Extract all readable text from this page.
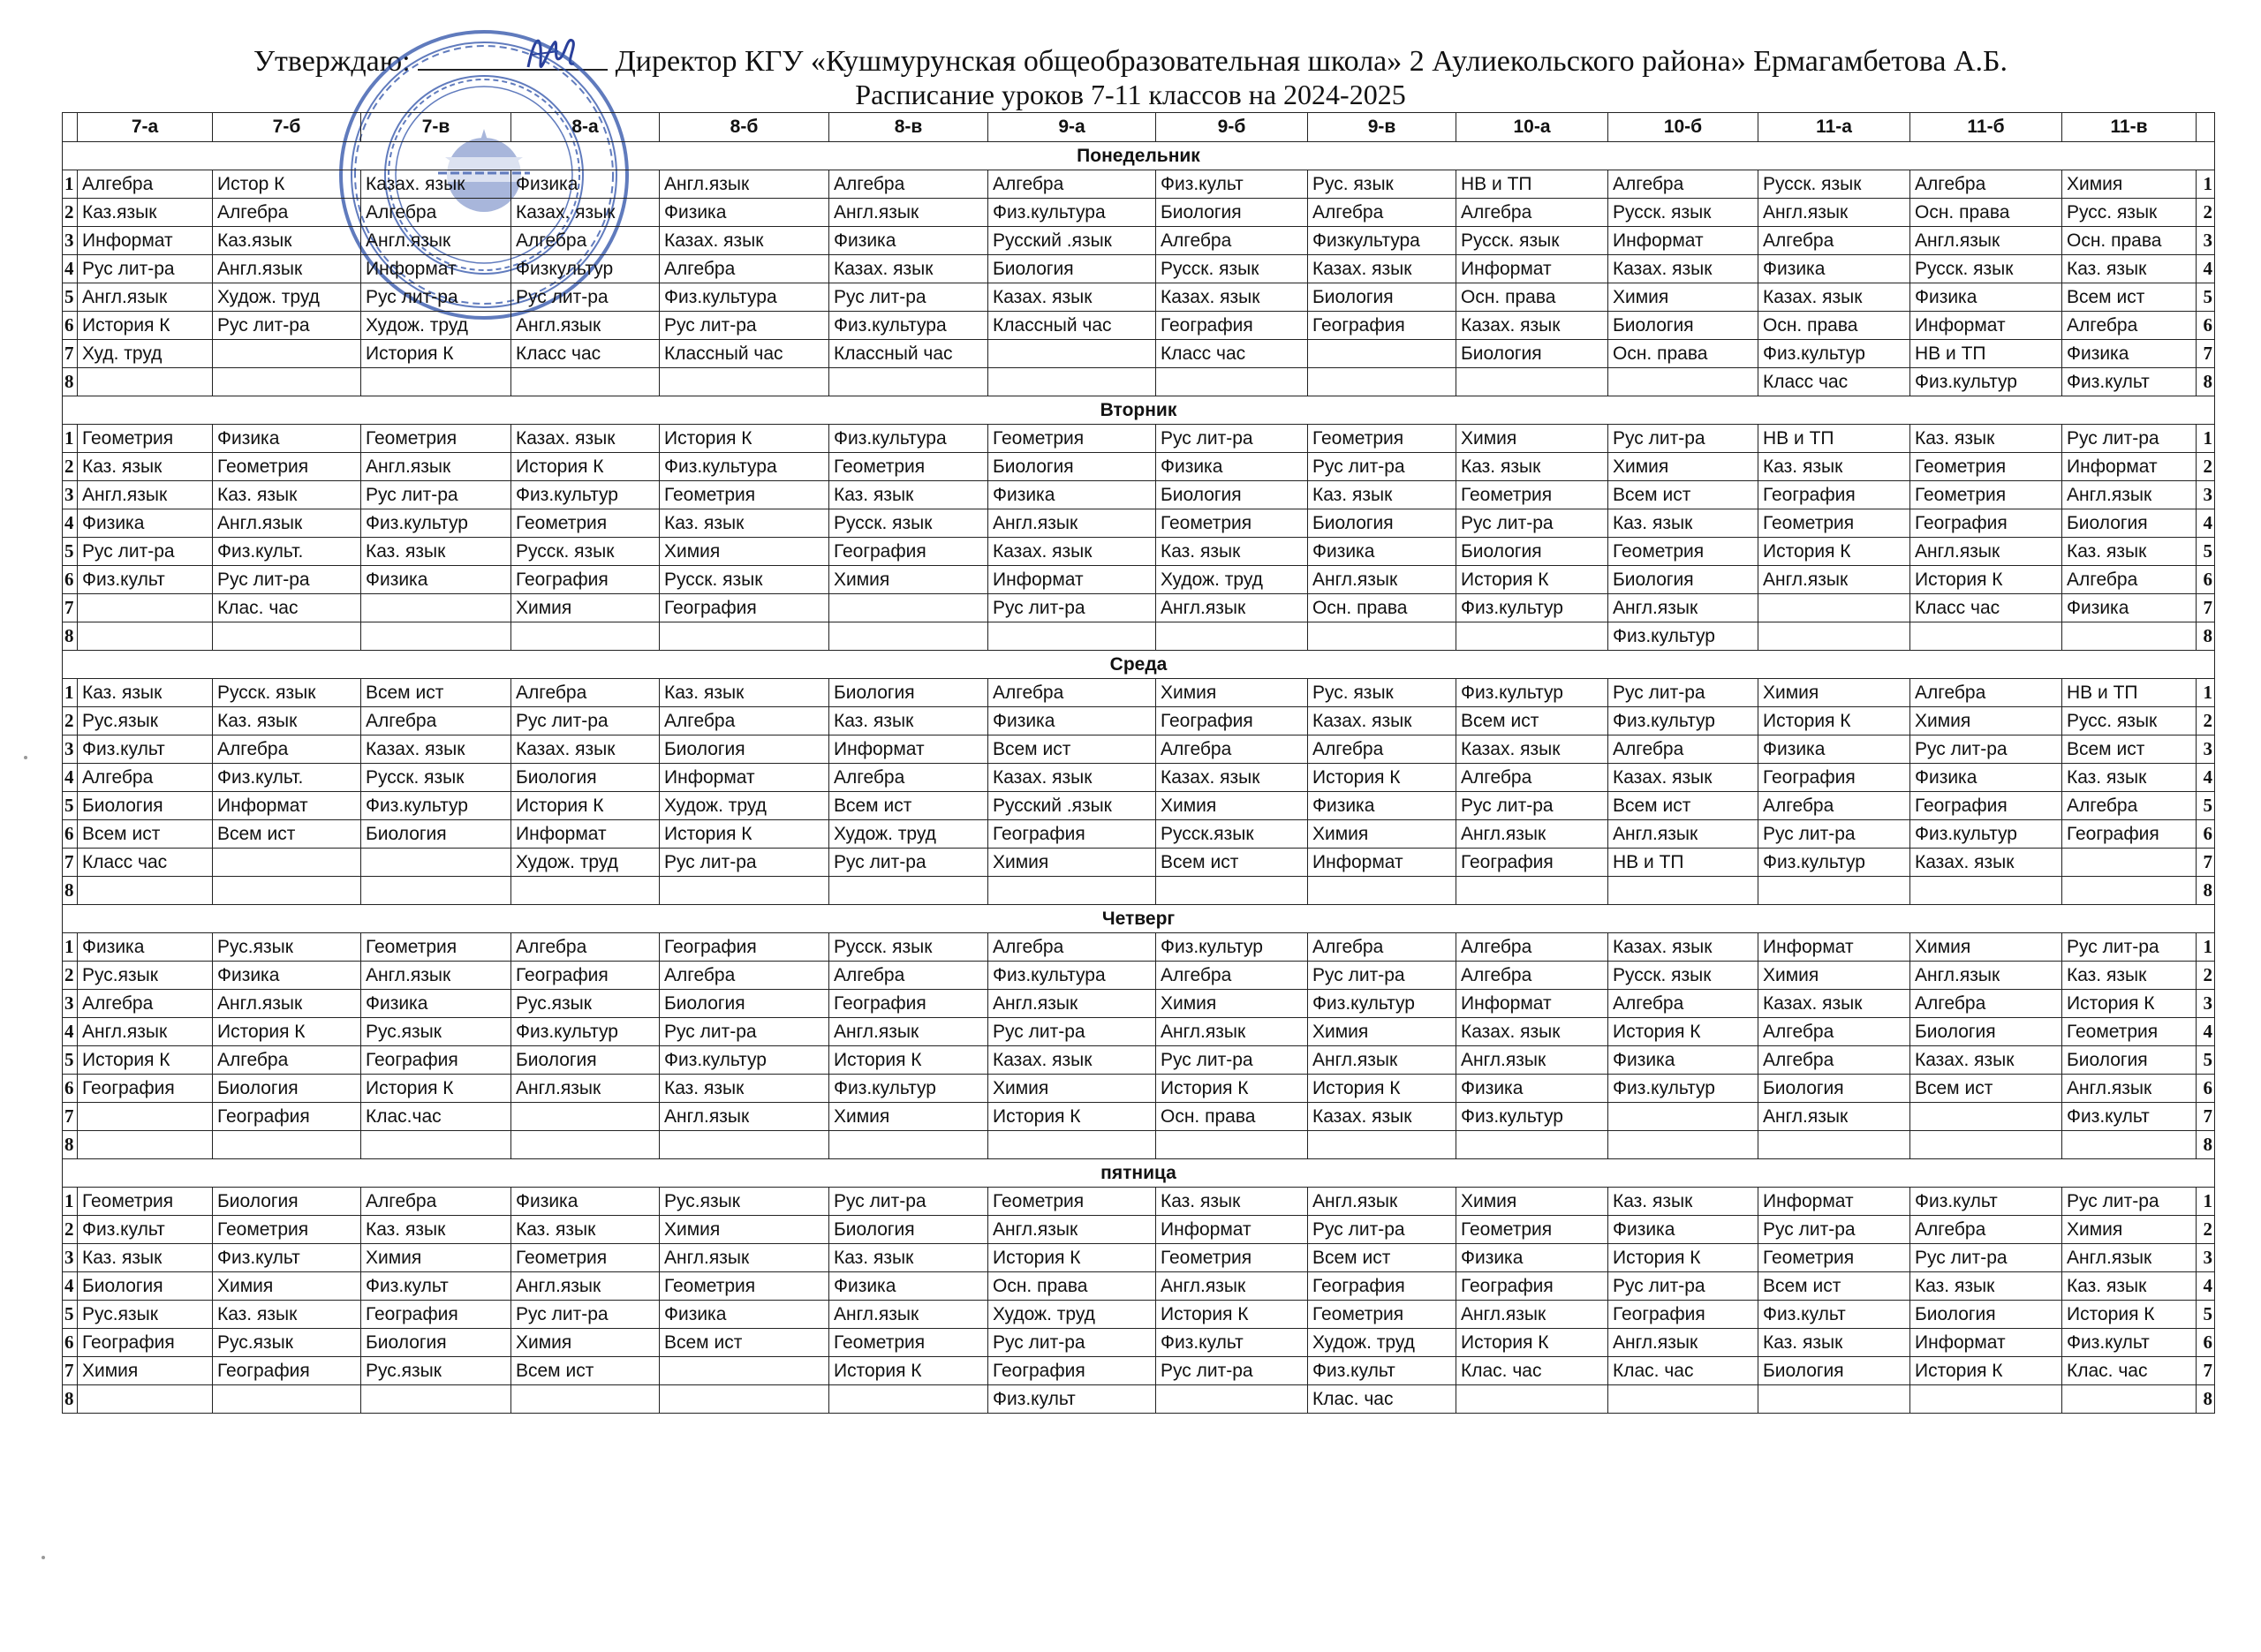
Утверждаю:	Директор КГУ «Кушмурунская общеобразовательная школа» 2 Аулиекольского района» Ермагамбетова А.Б.
Расписание уроков 7-11 классов на 2024-2025
	7-а	7-б	7-в	8-а	8-б	8-в	9-а	9-б	9-в	10-а	10-б	11-а	11-б	11-в	
Понедельник															
1	Алгебра	Истор К	Казах. язык	Физика	Англ.язык	Алгебра	Алгебра	Физ.культ	Рус. язык	НВ и ТП	Алгебра	Русск. язык	Алгебра	Химия	1
2	Каз.язык	Алгебра	Алгебра	Казах. язык	Физика	Англ.язык	Физ.культура	Биология	Алгебра	Алгебра	Русск. язык	Англ.язык	Осн. права	Русс. язык	2
3	Информат	Каз.язык	Англ.язык	Алгебра	Казах. язык	Физика	Русский .язык	Алгебра	Физкультура	Русск. язык	Информат	Алгебра	Англ.язык	Осн. права	3
4	Рус лит-ра	Англ.язык	Информат	Физкультур	Алгебра	Казах. язык	Биология	Русск. язык	Казах. язык	Информат	Казах. язык	Физика	Русск. язык	Каз. язык	4
5	Англ.язык	Худож. труд	Рус лит-ра	Рус лит-ра	Физ.культура	Рус лит-ра	Казах. язык	Казах. язык	Биология	Осн. права	Химия	Казах. язык	Физика	Всем ист	5
6	История К	Рус лит-ра	Худож. труд	Англ.язык	Рус лит-ра	Физ.культура	Классный час	География	География	Казах. язык	Биология	Осн. права	Информат	Алгебра	6
7	Худ. труд		История К	Класс час	Классный час	Классный час		Класс час		Биология	Осн. права	Физ.культур	НВ и ТП	Физика	7
8												Класс час	Физ.культур	Физ.культ	8
Вторник															
1	Геометрия	Физика	Геометрия	Казах. язык	История К	Физ.культура	Геометрия	Рус лит-ра	Геометрия	Химия	Рус лит-ра	НВ и ТП	Каз. язык	Рус лит-ра	1
2	Каз. язык	Геометрия	Англ.язык	История К	Физ.культура	Геометрия	Биология	Физика	Рус лит-ра	Каз. язык	Химия	Каз. язык	Геометрия	Информат	2
3	Англ.язык	Каз. язык	Рус лит-ра	Физ.культур	Геометрия	Каз. язык	Физика	Биология	Каз. язык	Геометрия	Всем ист	География	Геометрия	Англ.язык	3
4	Физика	Англ.язык	Физ.культур	Геометрия	Каз. язык	Русск. язык	Англ.язык	Геометрия	Биология	Рус лит-ра	Каз. язык	Геометрия	География	Биология	4
5	Рус лит-ра	Физ.культ.	Каз. язык	Русск. язык	Химия	География	Казах. язык	Каз. язык	Физика	Биология	Геометрия	История К	Англ.язык	Каз. язык	5
6	Физ.культ	Рус лит-ра	Физика	География	Русск. язык	Химия	Информат	Худож. труд	Англ.язык	История К	Биология	Англ.язык	История К	Алгебра	6
7		Клас. час		Химия	География		Рус лит-ра	Англ.язык	Осн. права	Физ.культур	Англ.язык		Класс час	Физика	7
8											Физ.культур				8
Среда															
1	Каз. язык	Русск. язык	Всем ист	Алгебра	Каз. язык	Биология	Алгебра	Химия	Рус. язык	Физ.культур	Рус лит-ра	Химия	Алгебра	НВ и ТП	1
2	Рус.язык	Каз. язык	Алгебра	Рус лит-ра	Алгебра	Каз. язык	Физика	География	Казах. язык	Всем ист	Физ.культур	История К	Химия	Русс. язык	2
3	Физ.культ	Алгебра	Казах. язык	Казах. язык	Биология	Информат	Всем ист	Алгебра	Алгебра	Казах. язык	Алгебра	Физика	Рус лит-ра	Всем ист	3
4	Алгебра	Физ.культ.	Русск. язык	Биология	Информат	Алгебра	Казах. язык	Казах. язык	История К	Алгебра	Казах. язык	География	Физика	Каз. язык	4
5	Биология	Информат	Физ.культур	История К	Худож. труд	Всем ист	Русский .язык	Химия	Физика	Рус лит-ра	Всем ист	Алгебра	География	Алгебра	5
6	Всем ист	Всем ист	Биология	Информат	История К	Худож. труд	География	Русск.язык	Химия	Англ.язык	Англ.язык	Рус лит-ра	Физ.культур	География	6
7	Класс час			Худож. труд	Рус лит-ра	Рус лит-ра	Химия	Всем ист	Информат	География	НВ и ТП	Физ.культур	Казах. язык		7
8															8
Четверг															
1	Физика	Рус.язык	Геометрия	Алгебра	География	Русск. язык	Алгебра	Физ.культур	Алгебра	Алгебра	Казах. язык	Информат	Химия	Рус лит-ра	1
2	Рус.язык	Физика	Англ.язык	География	Алгебра	Алгебра	Физ.культура	Алгебра	Рус лит-ра	Алгебра	Русск. язык	Химия	Англ.язык	Каз. язык	2
3	Алгебра	Англ.язык	Физика	Рус.язык	Биология	География	Англ.язык	Химия	Физ.культур	Информат	Алгебра	Казах. язык	Алгебра	История К	3
4	Англ.язык	История К	Рус.язык	Физ.культур	Рус лит-ра	Англ.язык	Рус лит-ра	Англ.язык	Химия	Казах. язык	История К	Алгебра	Биология	Геометрия	4
5	История К	Алгебра	География	Биология	Физ.культур	История К	Казах. язык	Рус лит-ра	Англ.язык	Англ.язык	Физика	Алгебра	Казах. язык	Биология	5
6	География	Биология	История К	Англ.язык	Каз. язык	Физ.культур	Химия	История К	История К	Физика	Физ.культур	Биология	Всем ист	Англ.язык	6
7		География	Клас.час		Англ.язык	Химия	История К	Осн. права	Казах. язык	Физ.культур		Англ.язык		Физ.культ	7
8															8
пятница															
1	Геометрия	Биология	Алгебра	Физика	Рус.язык	Рус лит-ра	Геометрия	Каз. язык	Англ.язык	Химия	Каз. язык	Информат	Физ.культ	Рус лит-ра	1
2	Физ.культ	Геометрия	Каз. язык	Каз. язык	Химия	Биология	Англ.язык	Информат	Рус лит-ра	Геометрия	Физика	Рус лит-ра	Алгебра	Химия	2
3	Каз. язык	Физ.культ	Химия	Геометрия	Англ.язык	Каз. язык	История К	Геометрия	Всем ист	Физика	История К	Геометрия	Рус лит-ра	Англ.язык	3
4	Биология	Химия	Физ.культ	Англ.язык	Геометрия	Физика	Осн. права	Англ.язык	География	География	Рус лит-ра	Всем ист	Каз. язык	Каз. язык	4
5	Рус.язык	Каз. язык	География	Рус лит-ра	Физика	Англ.язык	Худож. труд	История К	Геометрия	Англ.язык	География	Физ.культ	Биология	История К	5
6	География	Рус.язык	Биология	Химия	Всем ист	Геометрия	Рус лит-ра	Физ.культ	Худож. труд	История К	Англ.язык	Каз. язык	Информат	Физ.культ	6
7	Химия	География	Рус.язык	Всем ист		История К	География	Рус лит-ра	Физ.культ	Клас. час	Клас. час	Биология	История К	Клас. час	7
8							Физ.культ		Клас. час						8
